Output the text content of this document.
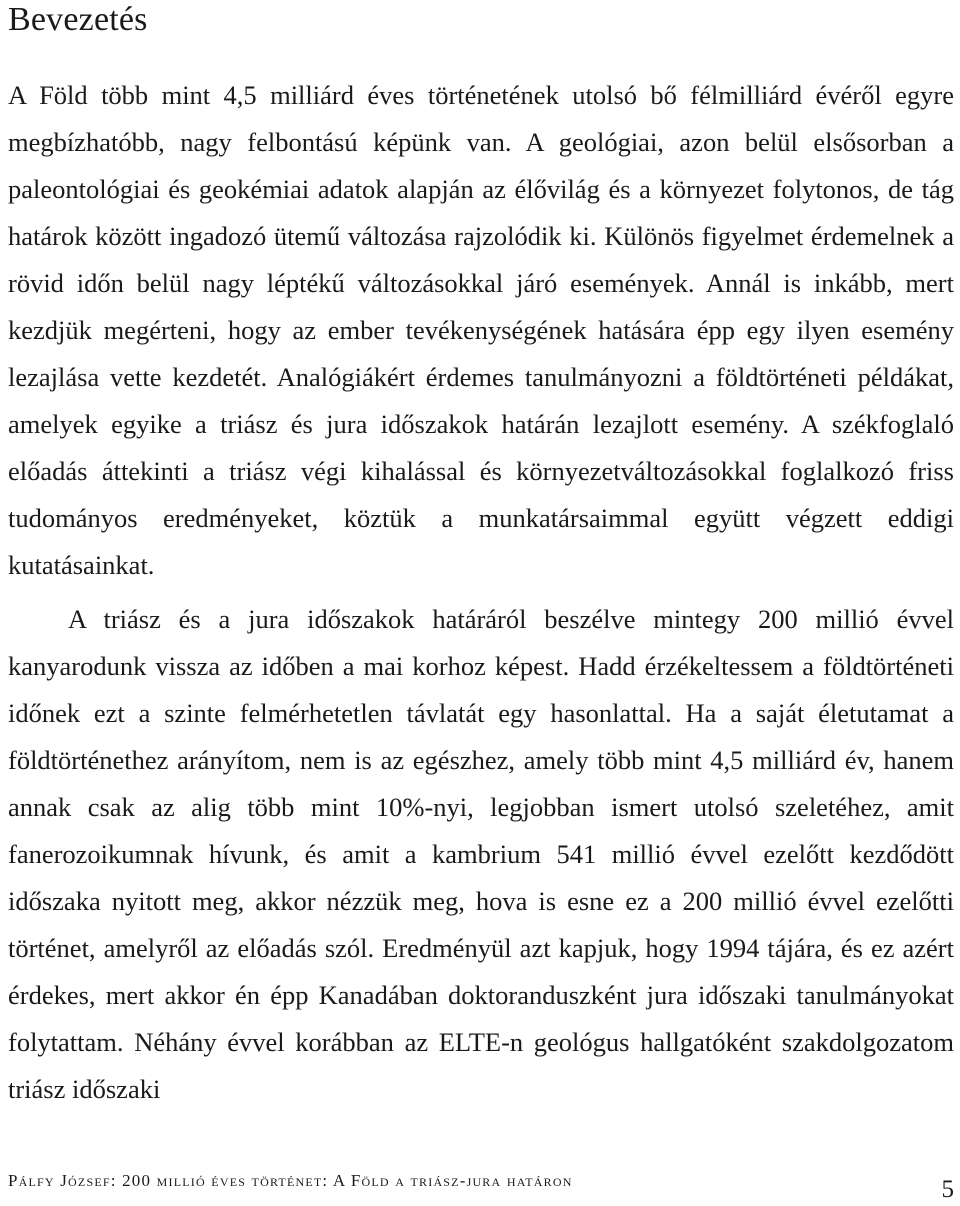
Bevezetés

A Föld több mint 4,5 milliárd éves történetének utolsó bő félmilliárd évéről egyre megbízhatóbb, nagy felbontású képünk van. A geológiai, azon belül elsősorban a paleontológiai és geokémiai adatok alapján az élővilág és a környezet folytonos, de tág határok között ingadozó ütemű változása rajzolódik ki. Különös figyelmet érdemelnek a rövid időn belül nagy léptékű változásokkal járó események. Annál is inkább, mert kezdjük megérteni, hogy az ember tevékenységének hatására épp egy ilyen esemény lezajlása vette kezdetét. Analógiákért érdemes tanulmányozni a földtörténeti példákat, amelyek egyike a triász és jura időszakok határán lezajlott esemény. A székfoglaló előadás áttekinti a triász végi kihalással és környezetváltozásokkal foglalkozó friss tudományos eredményeket, köztük a munkatársaimmal együtt végzett eddigi kutatásainkat.

A triász és a jura időszakok határáról beszélve mintegy 200 millió évvel kanyarodunk vissza az időben a mai korhoz képest. Hadd érzékeltessem a földtörténeti időnek ezt a szinte felmérhetetlen távlatát egy hasonlattal. Ha a saját életutamat a földtörténethez arányítom, nem is az egészhez, amely több mint 4,5 milliárd év, hanem annak csak az alig több mint 10%-nyi, legjobban ismert utolsó szeletéhez, amit fanerozoikumnak hívunk, és amit a kambrium 541 millió évvel ezelőtt kezdődött időszaka nyitott meg, akkor nézzük meg, hova is esne ez a 200 millió évvel ezelőtti történet, amelyről az előadás szól. Eredményül azt kapjuk, hogy 1994 tájára, és ez azért érdekes, mert akkor én épp Kanadában doktoranduszként jura időszaki tanulmányokat folytattam. Néhány évvel korábban az ELTE-n geológus hallgatóként szakdolgozatom triász időszaki

Pálfy József: 200 millió éves történet: A Föld a triász-jura határon	5
